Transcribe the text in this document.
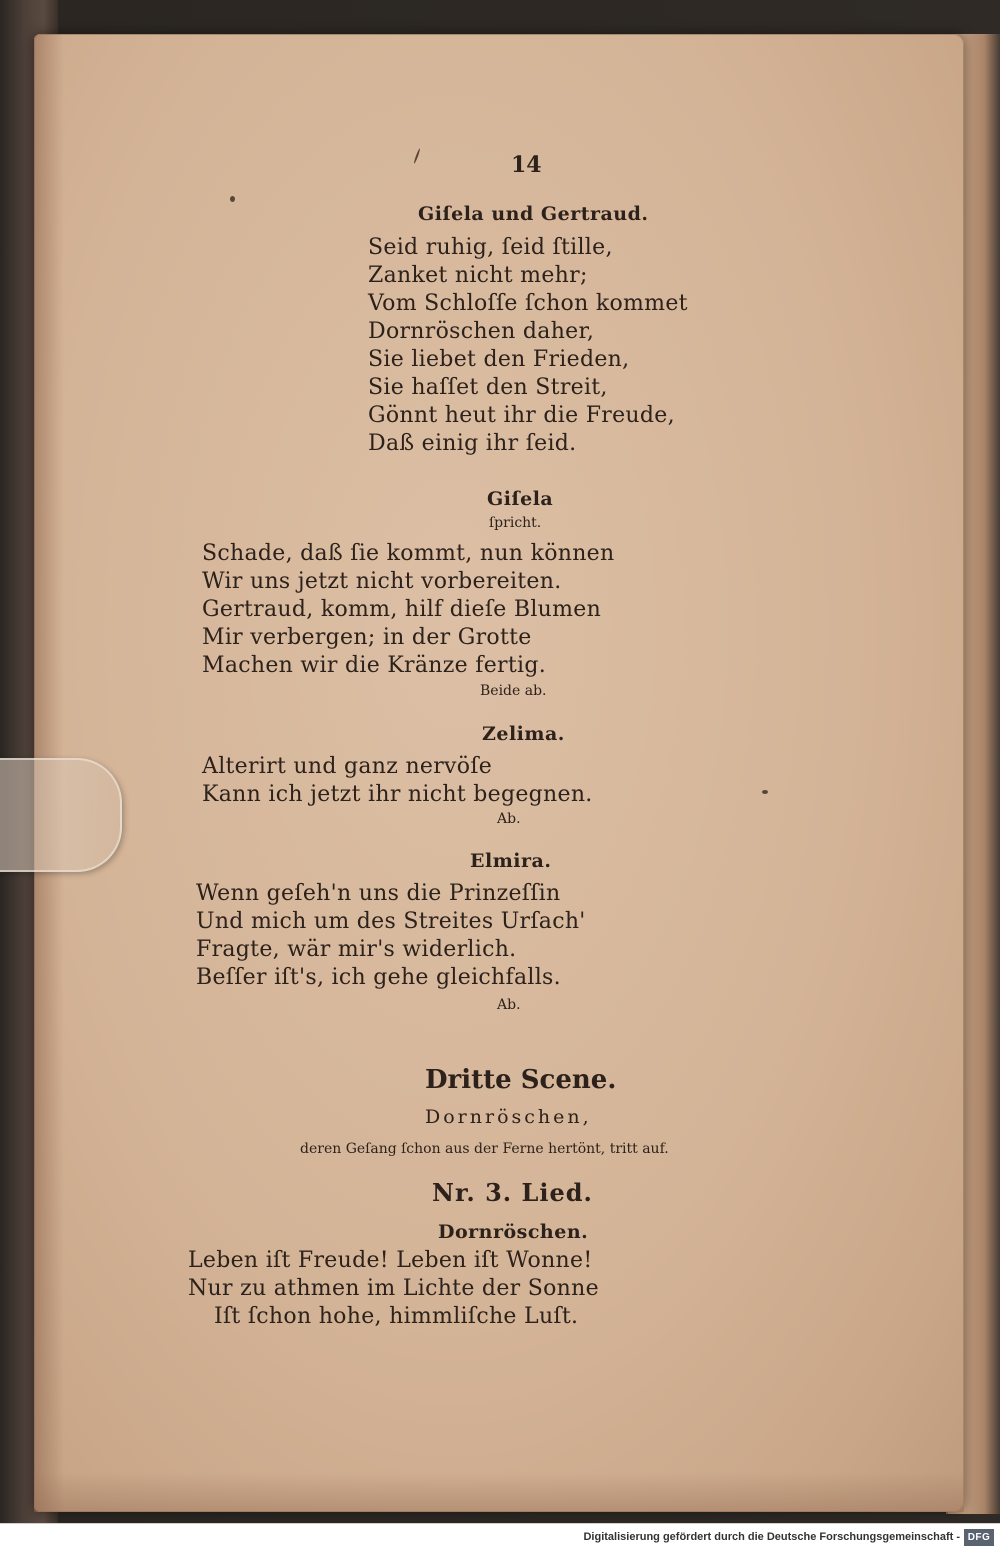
14
Giſela und Gertraud.
Seid ruhig, ſeid ſtille,
Zanket nicht mehr;
Vom Schloſſe ſchon kommet
Dornröschen daher,
Sie liebet den Frieden,
Sie haſſet den Streit,
Gönnt heut ihr die Freude,
Daß einig ihr ſeid.
Giſela
ſpricht.
Schade, daß ſie kommt, nun können
Wir uns jetzt nicht vorbereiten.
Gertraud, komm, hilf dieſe Blumen
Mir verbergen; in der Grotte
Machen wir die Kränze fertig.
Beide ab.
Zelima.
Alterirt und ganz nervöſe
Kann ich jetzt ihr nicht begegnen.
Ab.
Elmira.
Wenn geſeh'n uns die Prinzeſſin
Und mich um des Streites Urſach'
Fragte, wär mir's widerlich.
Beſſer iſt's, ich gehe gleichfalls.
Ab.
Dritte Scene.
Dornröschen,
deren Geſang ſchon aus der Ferne hertönt, tritt auf.
Nr. 3. Lied.
Dornröschen.
Leben iſt Freude! Leben iſt Wonne!
Nur zu athmen im Lichte der Sonne
Iſt ſchon hohe, himmliſche Luſt.
Digitalisierung gefördert durch die Deutsche Forschungsgemeinschaft - DFG
